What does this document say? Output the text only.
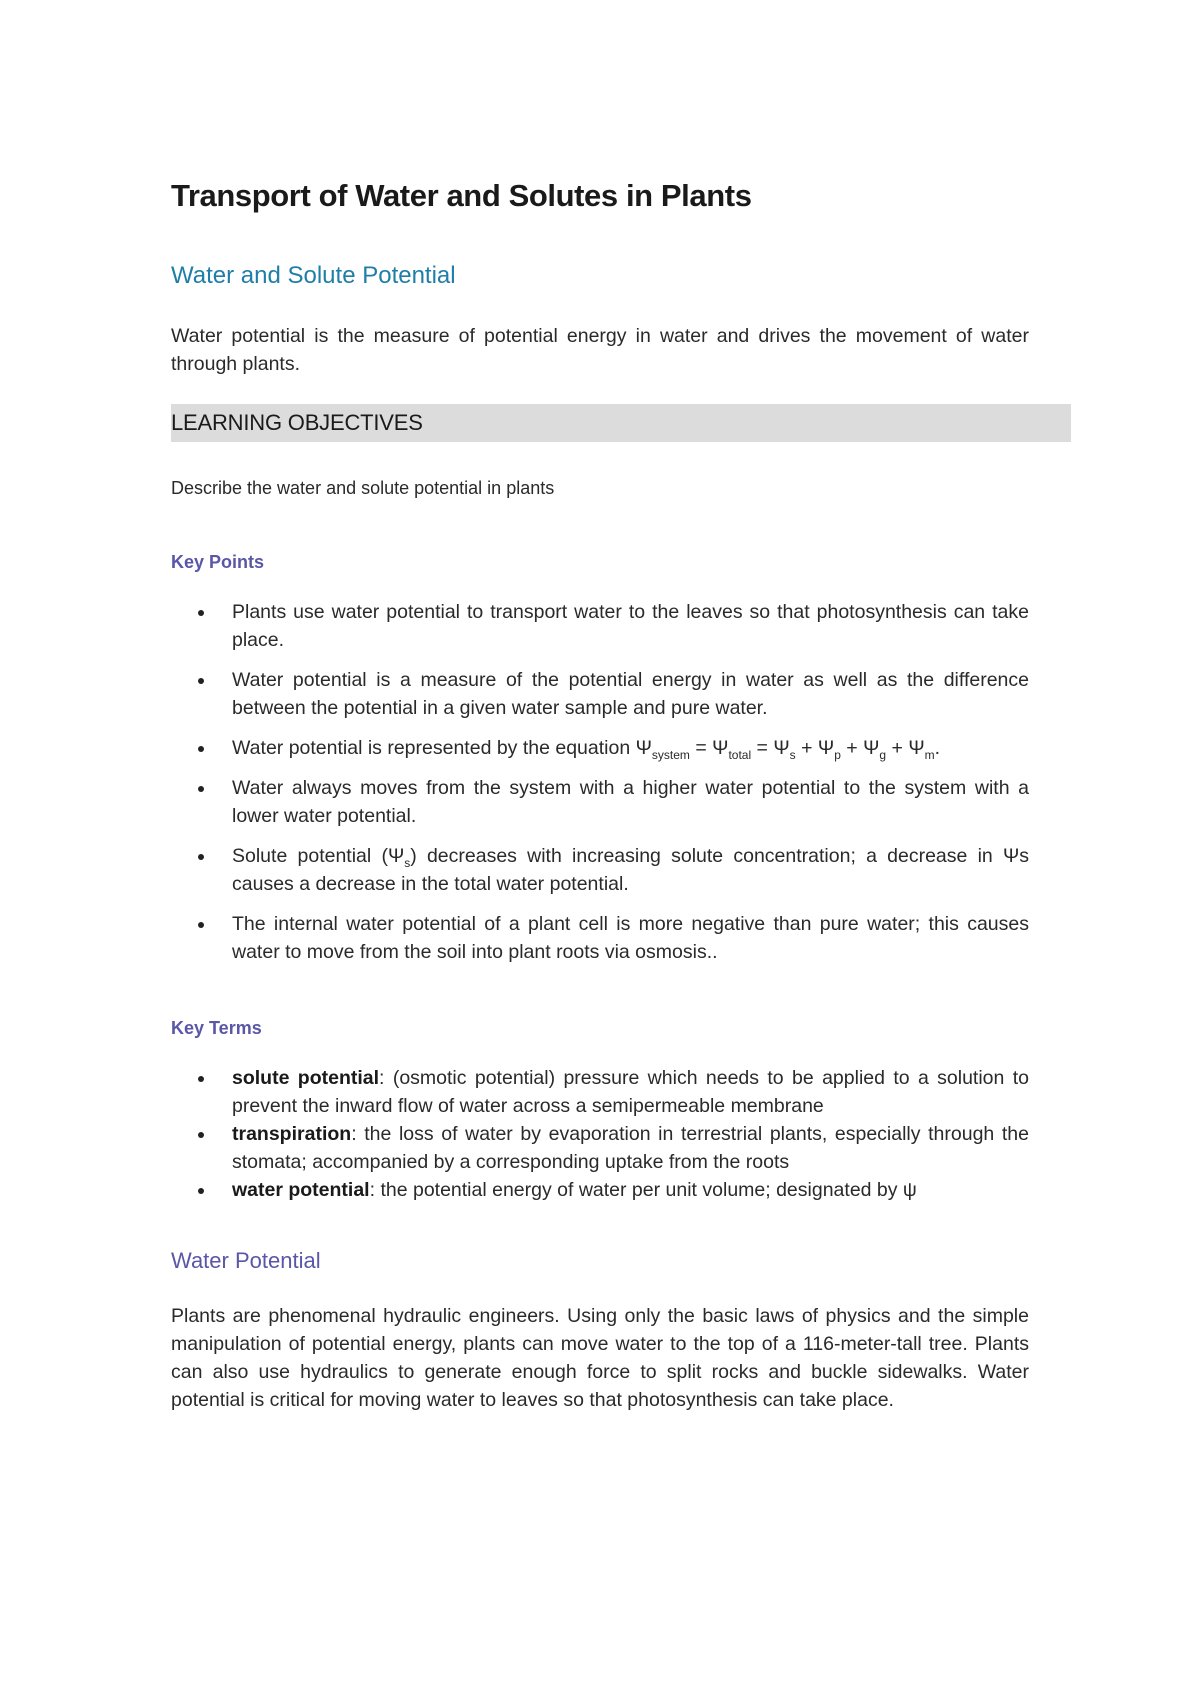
Transport of Water and Solutes in Plants
Water and Solute Potential

Water potential is the measure of potential energy in water and drives the movement of water through plants.

LEARNING OBJECTIVES
Describe the water and solute potential in plants
Key Points
Plants use water potential to transport water to the leaves so that photosynthesis can take place.
Water potential is a measure of the potential energy in water as well as the difference between the potential in a given water sample and pure water.
Water potential is represented by the equation $\Psi_{system} = \Psi_{total} = \Psi_s + \Psi_p + \Psi_g + \Psi_m$.
Water always moves from the system with a higher water potential to the system with a lower water potential.
Solute potential $(\Psi_s)$ decreases with increasing solute concentration; a decrease in Ψs causes a decrease in the total water potential.
The internal water potential of a plant cell is more negative than pure water; this causes water to move from the soil into plant roots via osmosis..
Key Terms
solute potential: (osmotic potential) pressure which needs to be applied to a solution to prevent the inward flow of water across a semipermeable membrane
transpiration: the loss of water by evaporation in terrestrial plants, especially through the stomata; accompanied by a corresponding uptake from the roots
water potential: the potential energy of water per unit volume; designated by ψ
Water Potential

Plants are phenomenal hydraulic engineers. Using only the basic laws of physics and the simple manipulation of potential energy, plants can move water to the top of a 116-meter-tall tree. Plants can also use hydraulics to generate enough force to split rocks and buckle sidewalks. Water potential is critical for moving water to leaves so that photosynthesis can take place.
